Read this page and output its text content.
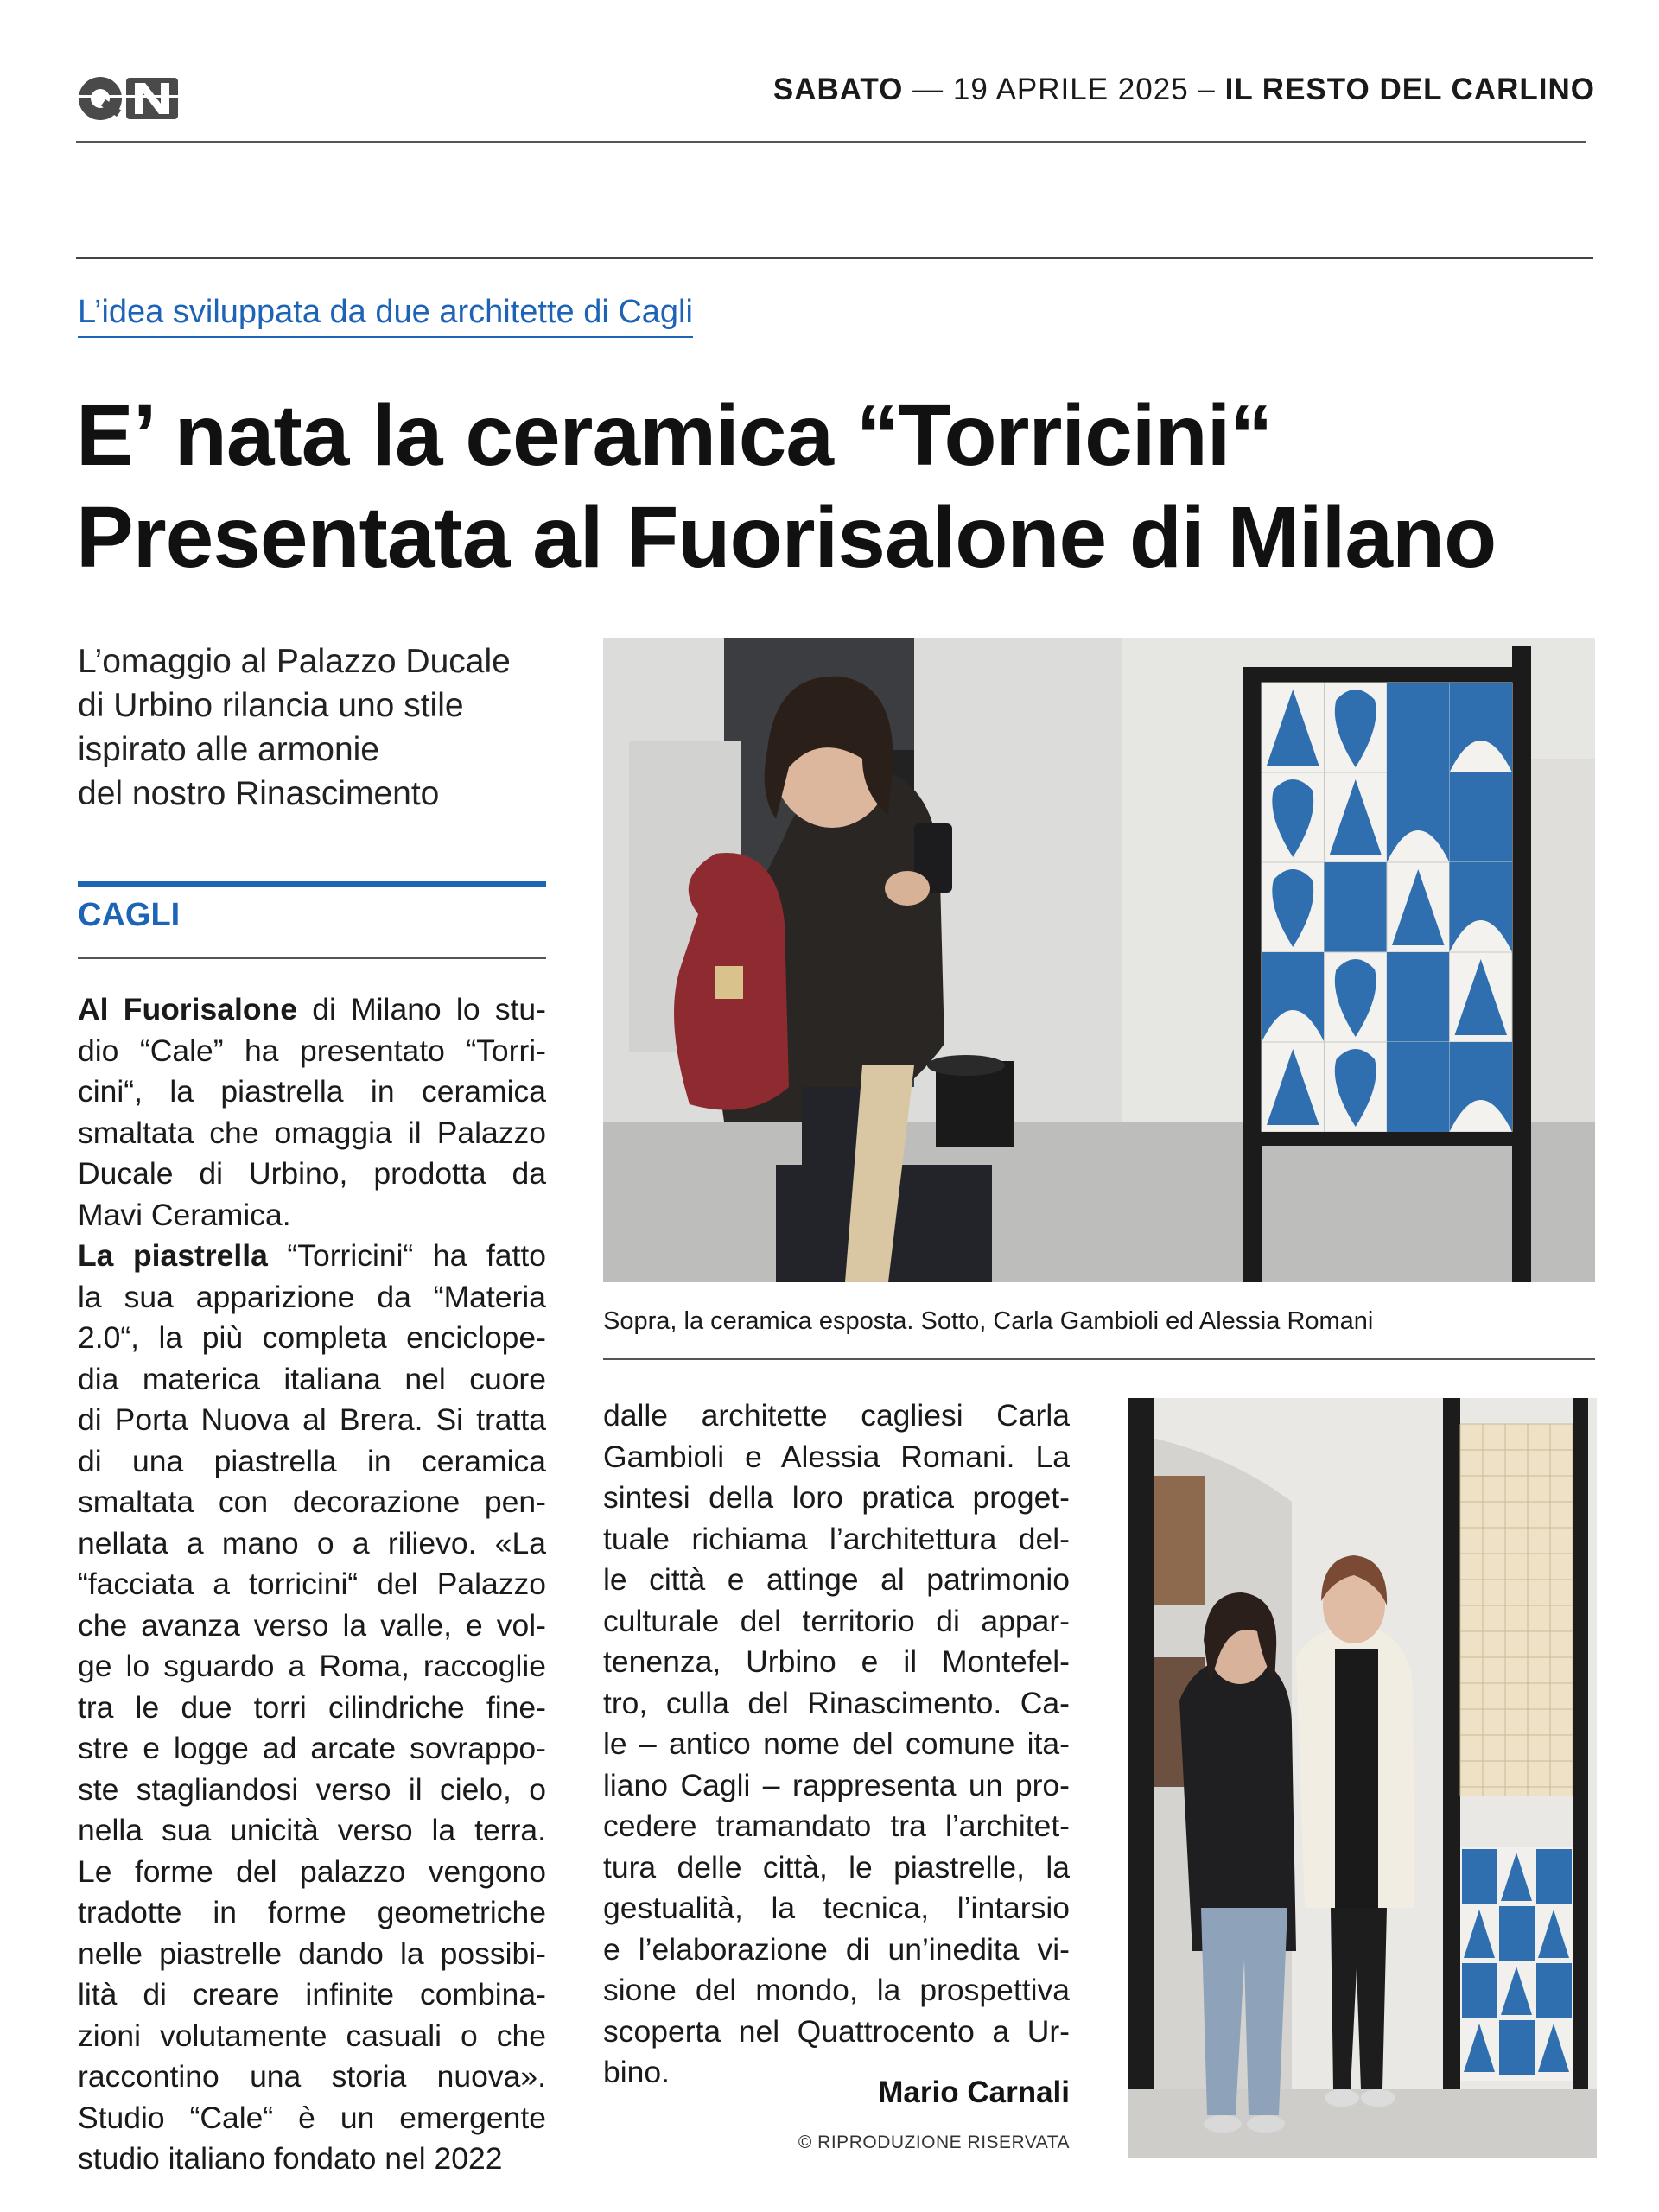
SABATO — 19 APRILE 2025 – IL RESTO DEL CARLINO
L’idea sviluppata da due architette di Cagli
E’ nata la ceramica “Torricini“
Presentata al Fuorisalone di Milano
L’omaggio al Palazzo Ducale
di Urbino rilancia uno stile
ispirato alle armonie
del nostro Rinascimento
CAGLI
Al Fuorisalone di Milano lo stu-
dio “Cale” ha presentato “Torri-
cini“, la piastrella in ceramica
smaltata che omaggia il Palazzo
Ducale di Urbino, prodotta da
Mavi Ceramica.
La piastrella “Torricini“ ha fatto
la sua apparizione da “Materia
2.0“, la più completa enciclope-
dia materica italiana nel cuore
di Porta Nuova al Brera. Si tratta
di una piastrella in ceramica
smaltata con decorazione pen-
nellata a mano o a rilievo. «La
“facciata a torricini“ del Palazzo
che avanza verso la valle, e vol-
ge lo sguardo a Roma, raccoglie
tra le due torri cilindriche fine-
stre e logge ad arcate sovrappo-
ste stagliandosi verso il cielo, o
nella sua unicità verso la terra.
Le forme del palazzo vengono
tradotte in forme geometriche
nelle piastrelle dando la possibi-
lità di creare infinite combina-
zioni volutamente casuali o che
raccontino una storia nuova».
Studio “Cale“ è un emergente
studio italiano fondato nel 2022
Sopra, la ceramica esposta. Sotto, Carla Gambioli ed Alessia Romani
dalle architette cagliesi Carla
Gambioli e Alessia Romani. La
sintesi della loro pratica proget-
tuale richiama l’architettura del-
le città e attinge al patrimonio
culturale del territorio di appar-
tenenza, Urbino e il Montefel-
tro, culla del Rinascimento. Ca-
le – antico nome del comune ita-
liano Cagli – rappresenta un pro-
cedere tramandato tra l’architet-
tura delle città, le piastrelle, la
gestualità, la tecnica, l’intarsio
e l’elaborazione di un’inedita vi-
sione del mondo, la prospettiva
scoperta nel Quattrocento a Ur-
bino.
Mario Carnali
© RIPRODUZIONE RISERVATA
